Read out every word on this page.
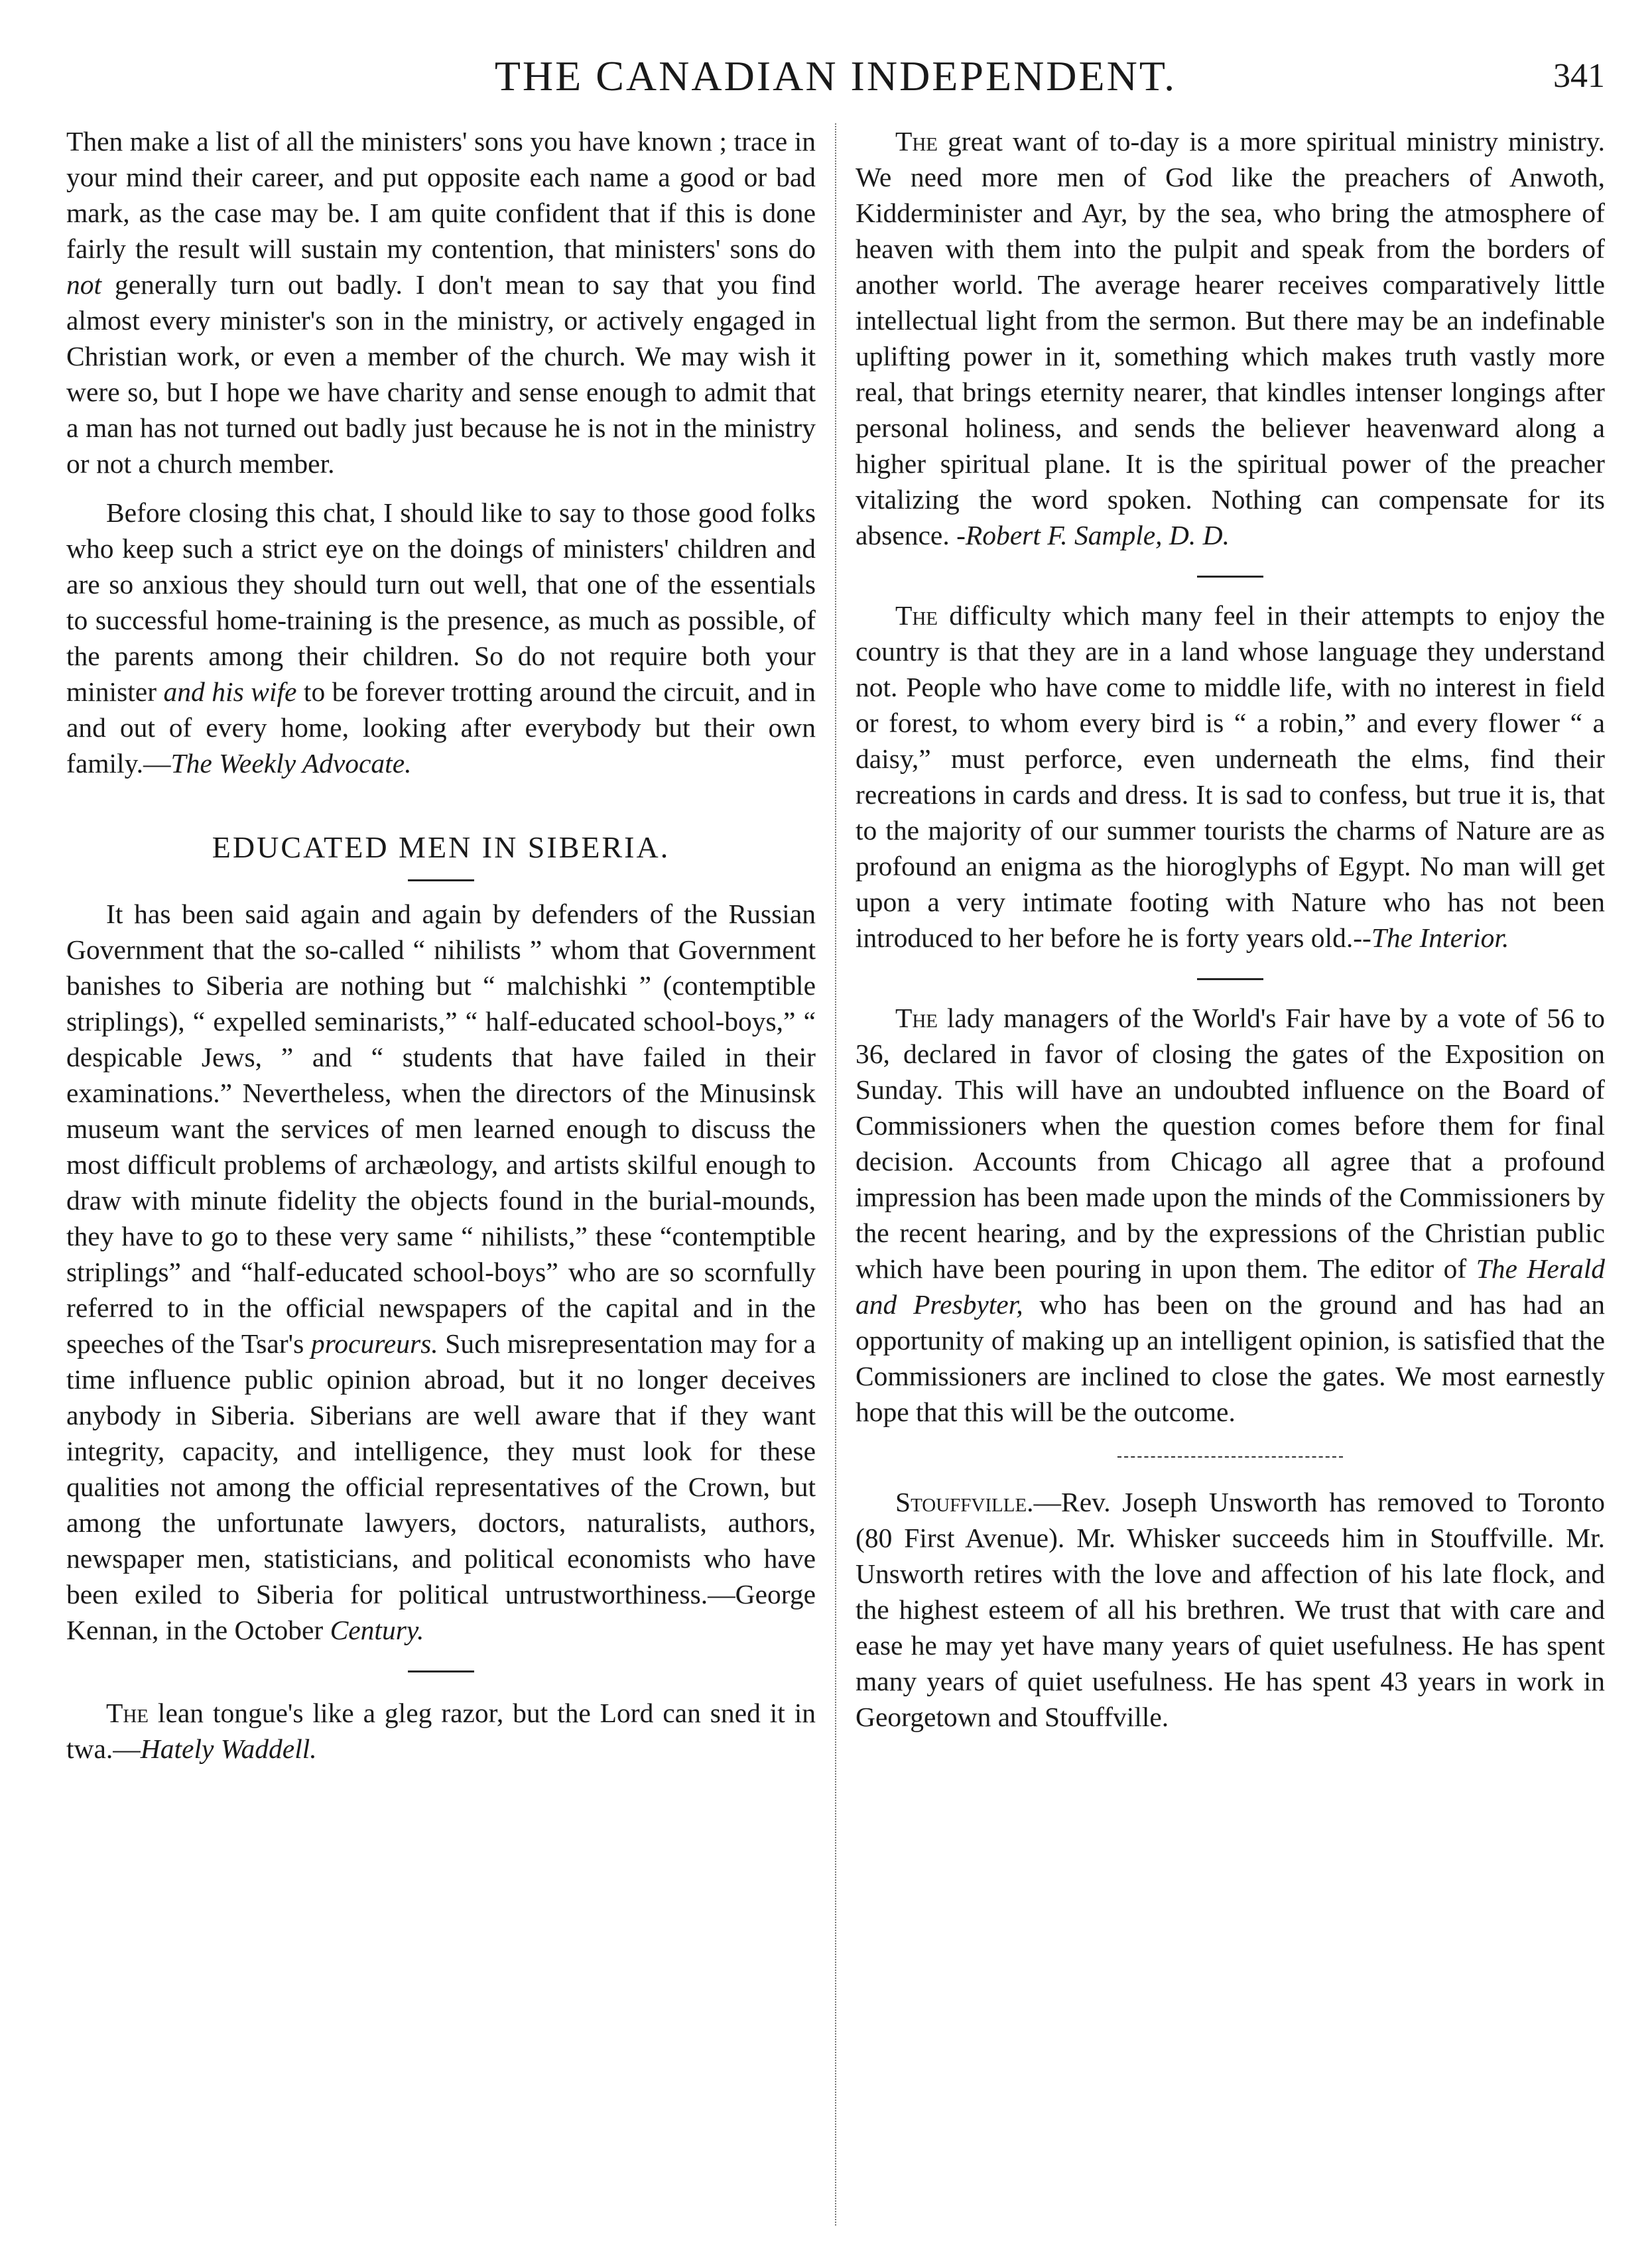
THE CANADIAN INDEPENDENT.	341

Then make a list of all the ministers' sons you have known ; trace in your mind their career, and put opposite each name a good or bad mark, as the case may be. I am quite confident that if this is done fairly the result will sustain my contention, that ministers' sons do not generally turn out badly. I don't mean to say that you find almost every minister's son in the ministry, or actively engaged in Christian work, or even a member of the church. We may wish it were so, but I hope we have charity and sense enough to admit that a man has not turned out badly just because he is not in the ministry or not a church member.

Before closing this chat, I should like to say to those good folks who keep such a strict eye on the doings of ministers' children and are so anxious they should turn out well, that one of the essentials to successful home-training is the presence, as much as possible, of the parents among their children. So do not require both your minister and his wife to be forever trotting around the circuit, and in and out of every home, looking after everybody but their own family.—The Weekly Advocate.

EDUCATED MEN IN SIBERIA.

It has been said again and again by defenders of the Russian Government that the so-called “ nihilists ” whom that Government banishes to Siberia are nothing but “ malchishki ” (contemptible striplings), “ expelled seminarists,” “ half-educated school-boys,” “ despicable Jews, ” and “ students that have failed in their examinations.” Nevertheless, when the directors of the Minusinsk museum want the services of men learned enough to discuss the most difficult problems of archæology, and artists skilful enough to draw with minute fidelity the objects found in the burial-mounds, they have to go to these very same “ nihilists,” these “contemptible striplings” and “half-educated school-boys” who are so scornfully referred to in the official newspapers of the capital and in the speeches of the Tsar's procureurs. Such misrepresentation may for a time influence public opinion abroad, but it no longer deceives anybody in Siberia. Siberians are well aware that if they want integrity, capacity, and intelligence, they must look for these qualities not among the official representatives of the Crown, but among the unfortunate lawyers, doctors, naturalists, authors, newspaper men, statisticians, and political economists who have been exiled to Siberia for political untrustworthiness.—George Kennan, in the October Century.

The lean tongue's like a gleg razor, but the Lord can sned it in twa.—Hately Waddell.

The great want of to-day is a more spiritual ministry ministry. We need more men of God like the preachers of Anwoth, Kidderminister and Ayr, by the sea, who bring the atmosphere of heaven with them into the pulpit and speak from the borders of another world. The average hearer receives comparatively little intellectual light from the sermon. But there may be an indefinable uplifting power in it, something which makes truth vastly more real, that brings eternity nearer, that kindles intenser longings after personal holiness, and sends the believer heavenward along a higher spiritual plane. It is the spiritual power of the preacher vitalizing the word spoken. Nothing can compensate for its absence. -Robert F. Sample, D. D.

The difficulty which many feel in their attempts to enjoy the country is that they are in a land whose language they understand not. People who have come to middle life, with no interest in field or forest, to whom every bird is “ a robin,” and every flower “ a daisy,” must perforce, even underneath the elms, find their recreations in cards and dress. It is sad to confess, but true it is, that to the majority of our summer tourists the charms of Nature are as profound an enigma as the hioroglyphs of Egypt. No man will get upon a very intimate footing with Nature who has not been introduced to her before he is forty years old.--The Interior.

The lady managers of the World's Fair have by a vote of 56 to 36, declared in favor of closing the gates of the Exposition on Sunday. This will have an undoubted influence on the Board of Commissioners when the question comes before them for final decision. Accounts from Chicago all agree that a profound impression has been made upon the minds of the Commissioners by the recent hearing, and by the expressions of the Christian public which have been pouring in upon them. The editor of The Herald and Presbyter, who has been on the ground and has had an opportunity of making up an intelligent opinion, is satisfied that the Commissioners are inclined to close the gates. We most earnestly hope that this will be the outcome.

Stouffville.—Rev. Joseph Unsworth has removed to Toronto (80 First Avenue). Mr. Whisker succeeds him in Stouffville. Mr. Unsworth retires with the love and affection of his late flock, and the highest esteem of all his brethren. We trust that with care and ease he may yet have many years of quiet usefulness. He has spent many years of quiet usefulness. He has spent 43 years in work in Georgetown and Stouffville.
